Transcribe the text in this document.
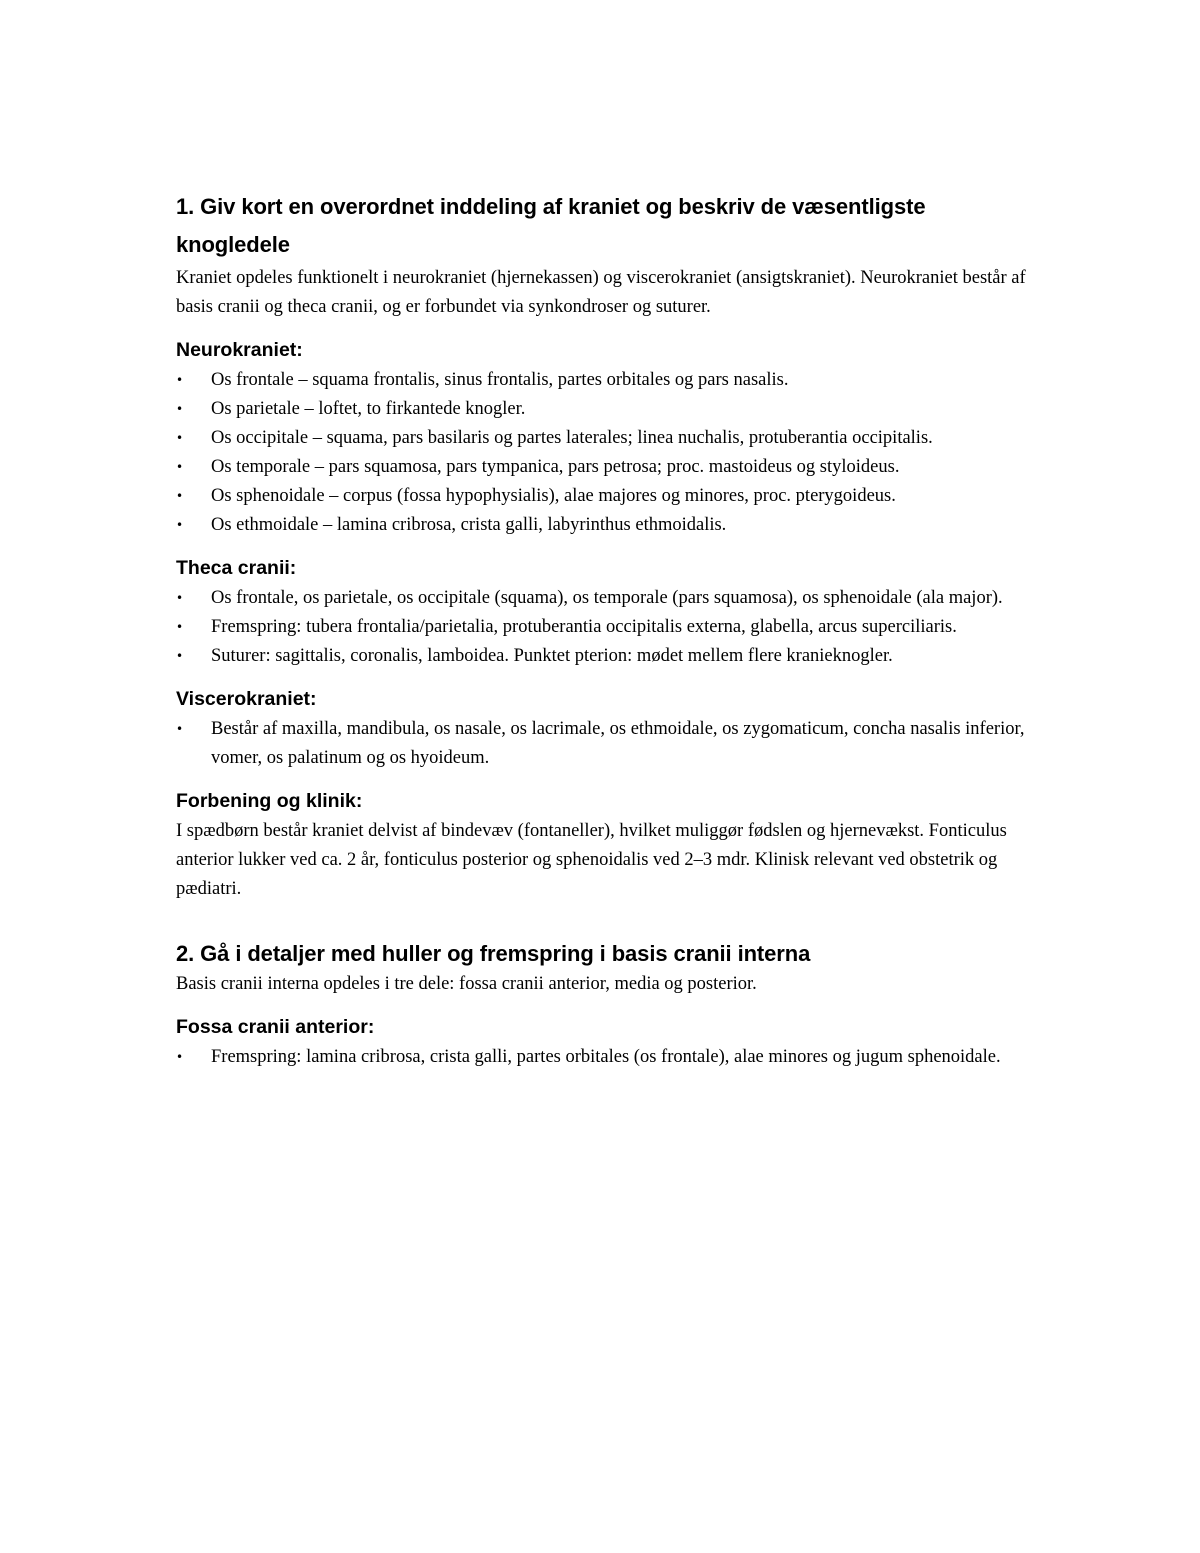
1. Giv kort en overordnet inddeling af kraniet og beskriv de væsentligste knogledele

Kraniet opdeles funktionelt i neurokraniet (hjernekassen) og viscerokraniet (ansigtskraniet). Neurokraniet består af basis cranii og theca cranii, og er forbundet via synkondroser og suturer.

Neurokraniet:
• Os frontale – squama frontalis, sinus frontalis, partes orbitales og pars nasalis.
• Os parietale – loftet, to firkantede knogler.
• Os occipitale – squama, pars basilaris og partes laterales; linea nuchalis, protuberantia occipitalis.
• Os temporale – pars squamosa, pars tympanica, pars petrosa; proc. mastoideus og styloideus.
• Os sphenoidale – corpus (fossa hypophysialis), alae majores og minores, proc. pterygoideus.
• Os ethmoidale – lamina cribrosa, crista galli, labyrinthus ethmoidalis.
Theca cranii:
• Os frontale, os parietale, os occipitale (squama), os temporale (pars squamosa), os sphenoidale (ala major).
• Fremspring: tubera frontalia/parietalia, protuberantia occipitalis externa, glabella, arcus superciliaris.
• Suturer: sagittalis, coronalis, lamboidea. Punktet pterion: mødet mellem flere kranieknogler.
Viscerokraniet:
• Består af maxilla, mandibula, os nasale, os lacrimale, os ethmoidale, os zygomaticum, concha nasalis inferior, vomer, os palatinum og os hyoideum.
Forbening og klinik:

I spædbørn består kraniet delvist af bindevæv (fontaneller), hvilket muliggør fødslen og hjernevækst. Fonticulus anterior lukker ved ca. 2 år, fonticulus posterior og sphenoidalis ved 2–3 mdr. Klinisk relevant ved obstetrik og pædiatri.

2. Gå i detaljer med huller og fremspring i basis cranii interna

Basis cranii interna opdeles i tre dele: fossa cranii anterior, media og posterior.

Fossa cranii anterior:
• Fremspring: lamina cribrosa, crista galli, partes orbitales (os frontale), alae minores og jugum sphenoidale.
